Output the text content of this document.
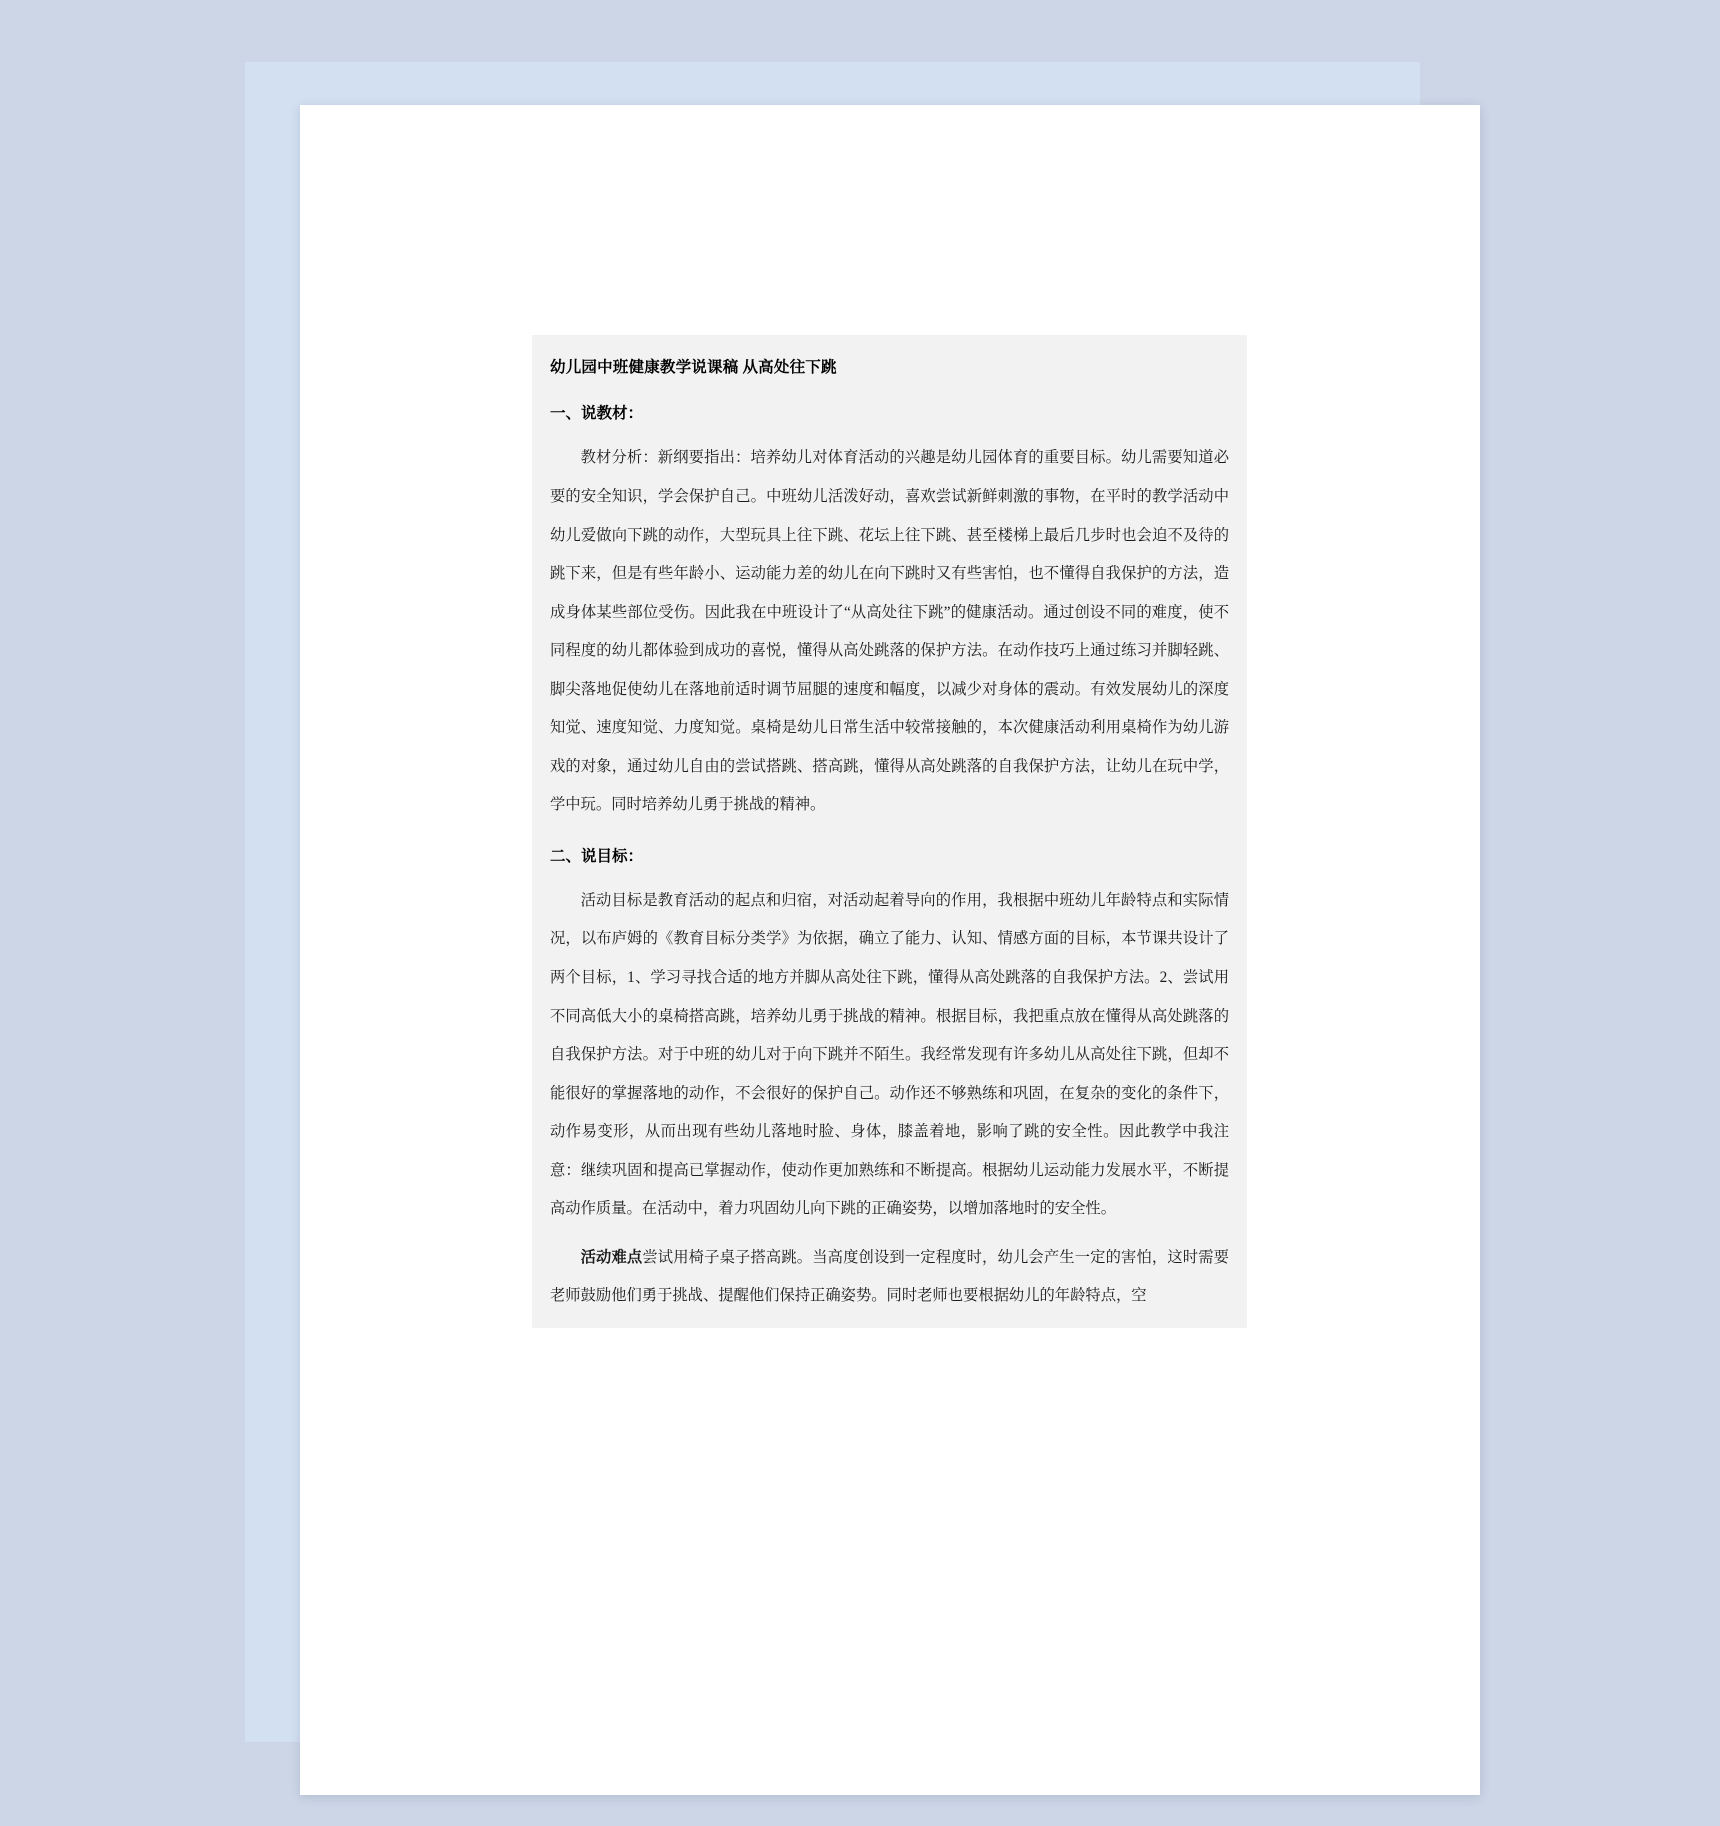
幼儿园中班健康教学说课稿 从高处往下跳
一、说教材：
教材分析：新纲要指出：培养幼儿对体育活动的兴趣是幼儿园体育的重要目标。幼儿需要知道必要的安全知识，学会保护自己。中班幼儿活泼好动，喜欢尝试新鲜刺激的事物，在平时的教学活动中幼儿爱做向下跳的动作，大型玩具上往下跳、花坛上往下跳、甚至楼梯上最后几步时也会迫不及待的跳下来，但是有些年龄小、运动能力差的幼儿在向下跳时又有些害怕，也不懂得自我保护的方法，造成身体某些部位受伤。因此我在中班设计了“从高处往下跳”的健康活动。通过创设不同的难度，使不同程度的幼儿都体验到成功的喜悦，懂得从高处跳落的保护方法。在动作技巧上通过练习并脚轻跳、脚尖落地促使幼儿在落地前适时调节屈腿的速度和幅度，以减少对身体的震动。有效发展幼儿的深度知觉、速度知觉、力度知觉。桌椅是幼儿日常生活中较常接触的，本次健康活动利用桌椅作为幼儿游戏的对象，通过幼儿自由的尝试搭跳、搭高跳，懂得从高处跳落的自我保护方法，让幼儿在玩中学，学中玩。同时培养幼儿勇于挑战的精神。
二、说目标：
活动目标是教育活动的起点和归宿，对活动起着导向的作用，我根据中班幼儿年龄特点和实际情况，以布庐姆的《教育目标分类学》为依据，确立了能力、认知、情感方面的目标，本节课共设计了两个目标，1、学习寻找合适的地方并脚从高处往下跳，懂得从高处跳落的自我保护方法。2、尝试用不同高低大小的桌椅搭高跳，培养幼儿勇于挑战的精神。根据目标，我把重点放在懂得从高处跳落的自我保护方法。对于中班的幼儿对于向下跳并不陌生。我经常发现有许多幼儿从高处往下跳，但却不能很好的掌握落地的动作，不会很好的保护自己。动作还不够熟练和巩固，在复杂的变化的条件下，动作易变形，从而出现有些幼儿落地时脸、身体，膝盖着地，影响了跳的安全性。因此教学中我注意：继续巩固和提高已掌握动作，使动作更加熟练和不断提高。根据幼儿运动能力发展水平，不断提高动作质量。在活动中，着力巩固幼儿向下跳的正确姿势，以增加落地时的安全性。
活动难点尝试用椅子桌子搭高跳。当高度创设到一定程度时，幼儿会产生一定的害怕，这时需要老师鼓励他们勇于挑战、提醒他们保持正确姿势。同时老师也要根据幼儿的年龄特点，空
